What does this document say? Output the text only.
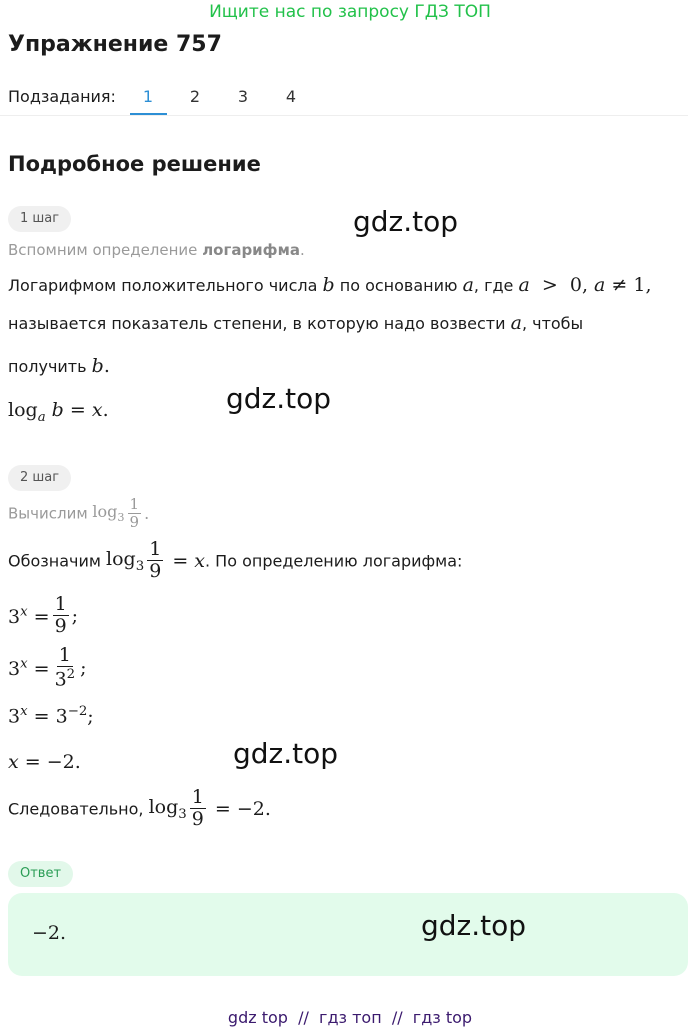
Ищите нас по запросу ГДЗ ТОП
Упражнение 757
Подзадания:	1	2	3	4
Подробное решение
1 шаг	gdz.top
Вспомним определение логарифма.
Логарифмом положительного числа b по основанию a, где a  >  0, a ≠ 1,
называется показатель степени, в которую надо возвести a, чтобы
получить b.
gdz.top
$\log_a b = x$.
2 шаг
Вычислим $\log_3 \frac{1}{9}$ .
Обозначим $\log_3 \frac{1}{9} = x$. По определению логарифма:
$3^x = \frac{1}{9}$ ;
$3^x = \frac{1}{3^2}$ ;
$3^x = 3^{-2}$;
gdz.top
x = −2.
Следовательно, $\log_3 \frac{1}{9} = -2$.
Ответ
−2.	gdz.top
gdz top  //  гдз топ  //  гдз top
